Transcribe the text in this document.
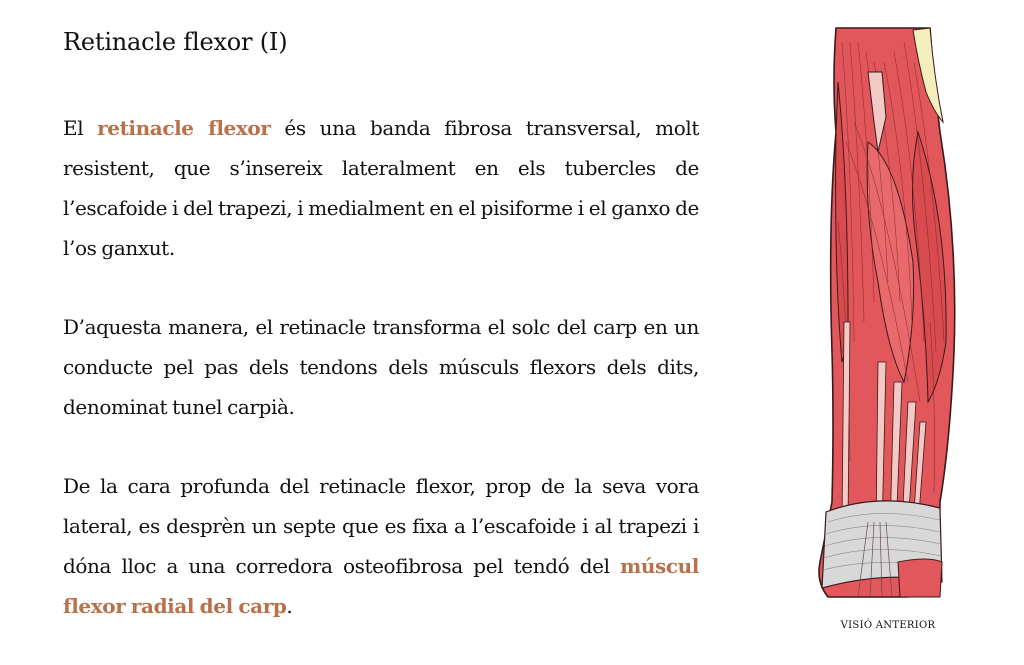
Retinacle flexor (I)

El retinacle flexor és una banda fibrosa transversal, molt resistent, que s’insereix lateralment en els tubercles de l’escafoide i del trapezi, i medialment en el pisiforme i el ganxo de l’os ganxut.

D’aquesta manera, el retinacle transforma el solc del carp en un conducte pel pas dels tendons dels músculs flexors dels dits, denominat tunel carpià.

De la cara profunda del retinacle flexor, prop de la seva vora lateral, es desprèn un septe que es fixa a l’escafoide i al trapezi i dóna lloc a una corredora osteofibrosa pel tendó del múscul flexor radial del carp.

VISIÓ ANTERIOR
